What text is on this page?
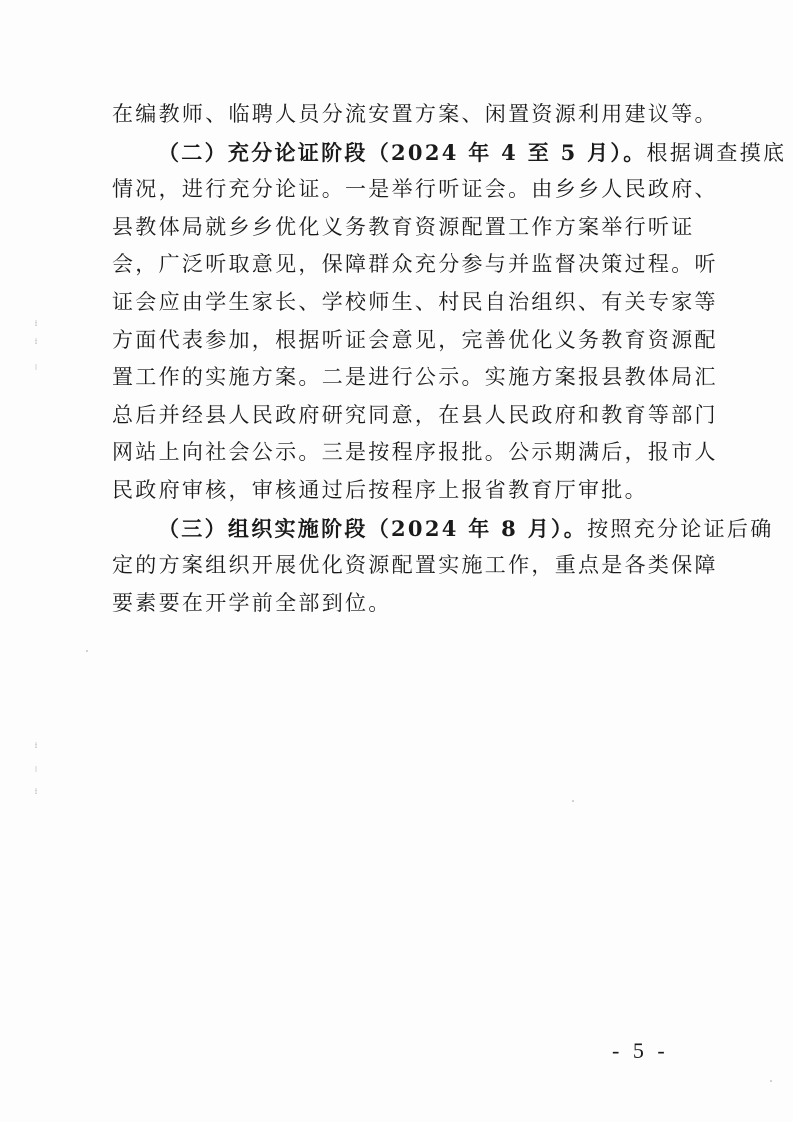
⁞
⁞
⁝
⁞
⁝
⁞
在编教师、临聘人员分流安置方案、闲置资源利用建议等。
（二）充分论证阶段（2024 年 4 至 5 月）。根据调查摸底
情况，进行充分论证。一是举行听证会。由乡乡人民政府、
县教体局就乡乡优化义务教育资源配置工作方案举行听证
会，广泛听取意见，保障群众充分参与并监督决策过程。听
证会应由学生家长、学校师生、村民自治组织、有关专家等
方面代表参加，根据听证会意见，完善优化义务教育资源配
置工作的实施方案。二是进行公示。实施方案报县教体局汇
总后并经县人民政府研究同意，在县人民政府和教育等部门
网站上向社会公示。三是按程序报批。公示期满后，报市人
民政府审核，审核通过后按程序上报省教育厅审批。
（三）组织实施阶段（2024 年 8 月）。按照充分论证后确
定的方案组织开展优化资源配置实施工作，重点是各类保障
要素要在开学前全部到位。
- 5 -
